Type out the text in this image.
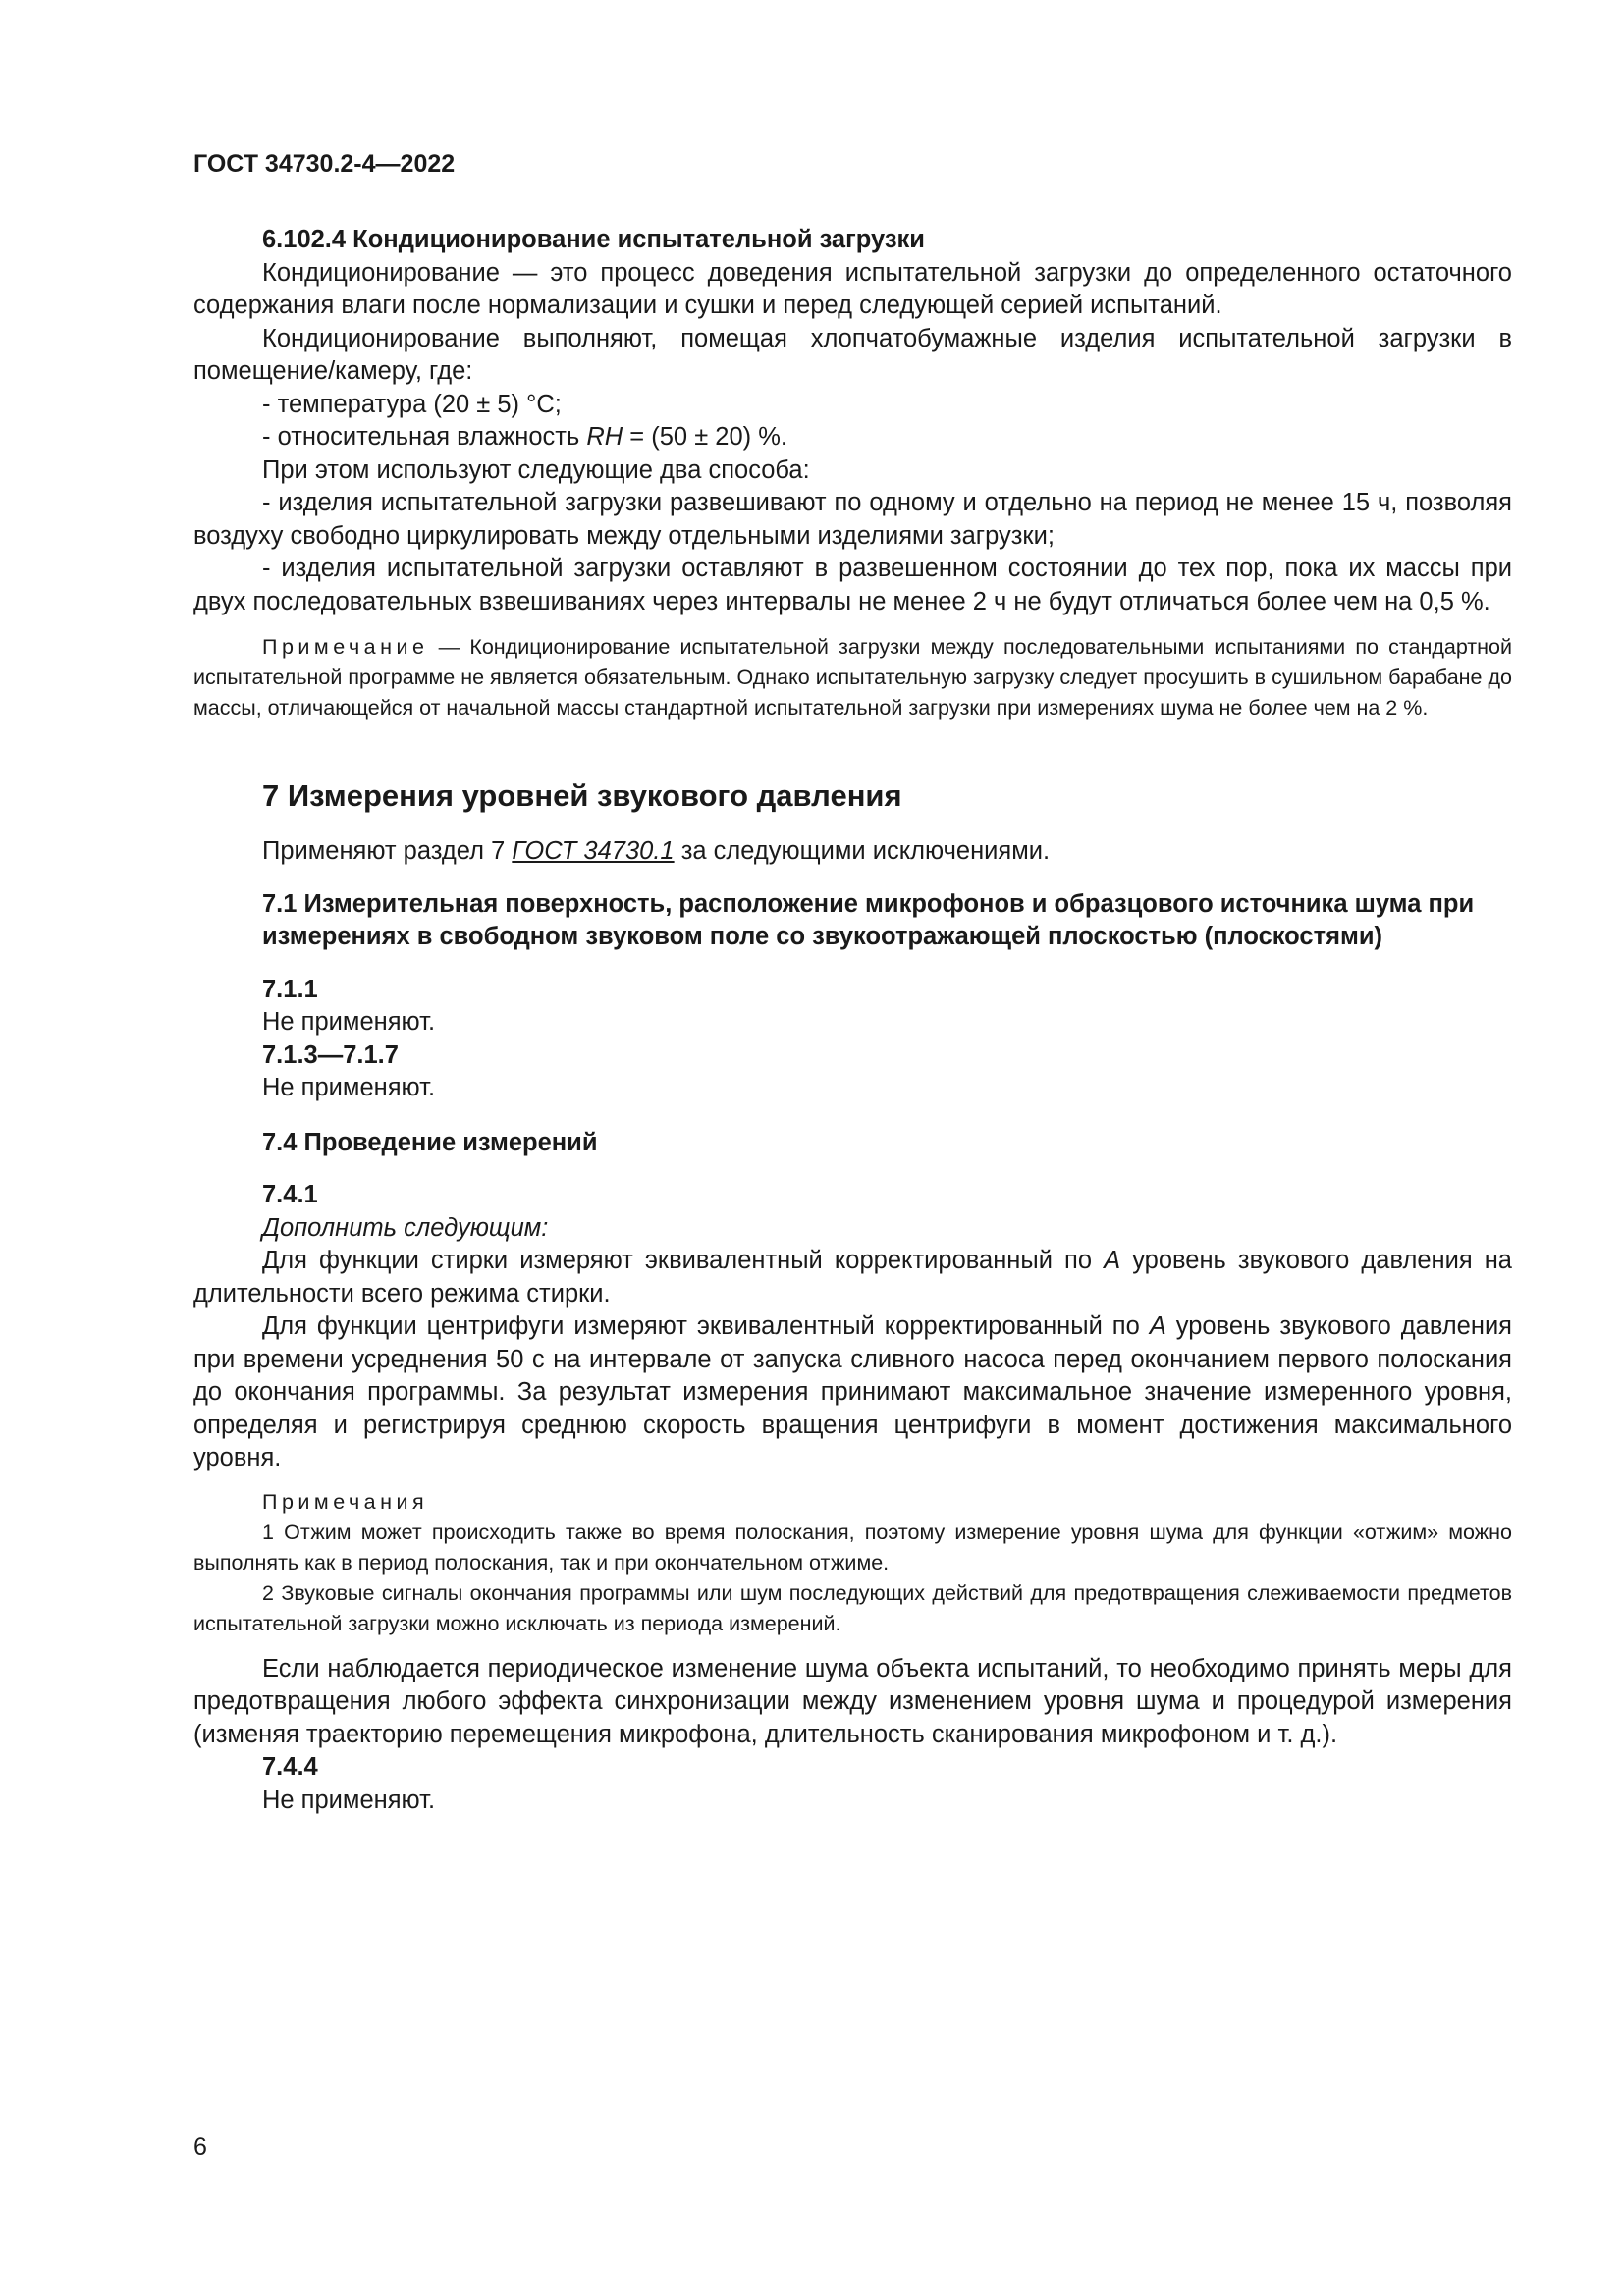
ГОСТ 34730.2-4—2022

6.102.4 Кондиционирование испытательной загрузки

Кондиционирование — это процесс доведения испытательной загрузки до определенного остаточного содержания влаги после нормализации и сушки и перед следующей серией испытаний.

Кондиционирование выполняют, помещая хлопчатобумажные изделия испытательной загрузки в помещение/камеру, где:

- температура (20 ± 5) °C;

- относительная влажность RH = (50 ± 20) %.

При этом используют следующие два способа:

- изделия испытательной загрузки развешивают по одному и отдельно на период не менее 15 ч, позволяя воздуху свободно циркулировать между отдельными изделиями загрузки;

- изделия испытательной загрузки оставляют в развешенном состоянии до тех пор, пока их массы при двух последовательных взвешиваниях через интервалы не менее 2 ч не будут отличаться более чем на 0,5 %.

Примечание — Кондиционирование испытательной загрузки между последовательными испытаниями по стандартной испытательной программе не является обязательным. Однако испытательную загрузку следует просушить в сушильном барабане до массы, отличающейся от начальной массы стандартной испытательной загрузки при измерениях шума не более чем на 2 %.

7 Измерения уровней звукового давления

Применяют раздел 7 ГОСТ 34730.1 за следующими исключениями.

7.1 Измерительная поверхность, расположение микрофонов и образцового источника шума при измерениях в свободном звуковом поле со звукоотражающей плоскостью (плоскостями)

7.1.1

Не применяют.

7.1.3—7.1.7

Не применяют.

7.4 Проведение измерений

7.4.1

Дополнить следующим:

Для функции стирки измеряют эквивалентный корректированный по А уровень звукового давления на длительности всего режима стирки.

Для функции центрифуги измеряют эквивалентный корректированный по А уровень звукового давления при времени усреднения 50 с на интервале от запуска сливного насоса перед окончанием первого полоскания до окончания программы. За результат измерения принимают максимальное значение измеренного уровня, определяя и регистрируя среднюю скорость вращения центрифуги в момент достижения максимального уровня.

Примечания

1 Отжим может происходить также во время полоскания, поэтому измерение уровня шума для функции «отжим» можно выполнять как в период полоскания, так и при окончательном отжиме.

2 Звуковые сигналы окончания программы или шум последующих действий для предотвращения слеживаемости предметов испытательной загрузки можно исключать из периода измерений.

Если наблюдается периодическое изменение шума объекта испытаний, то необходимо принять меры для предотвращения любого эффекта синхронизации между изменением уровня шума и процедурой измерения (изменяя траекторию перемещения микрофона, длительность сканирования микрофоном и т. д.).

7.4.4

Не применяют.

6
